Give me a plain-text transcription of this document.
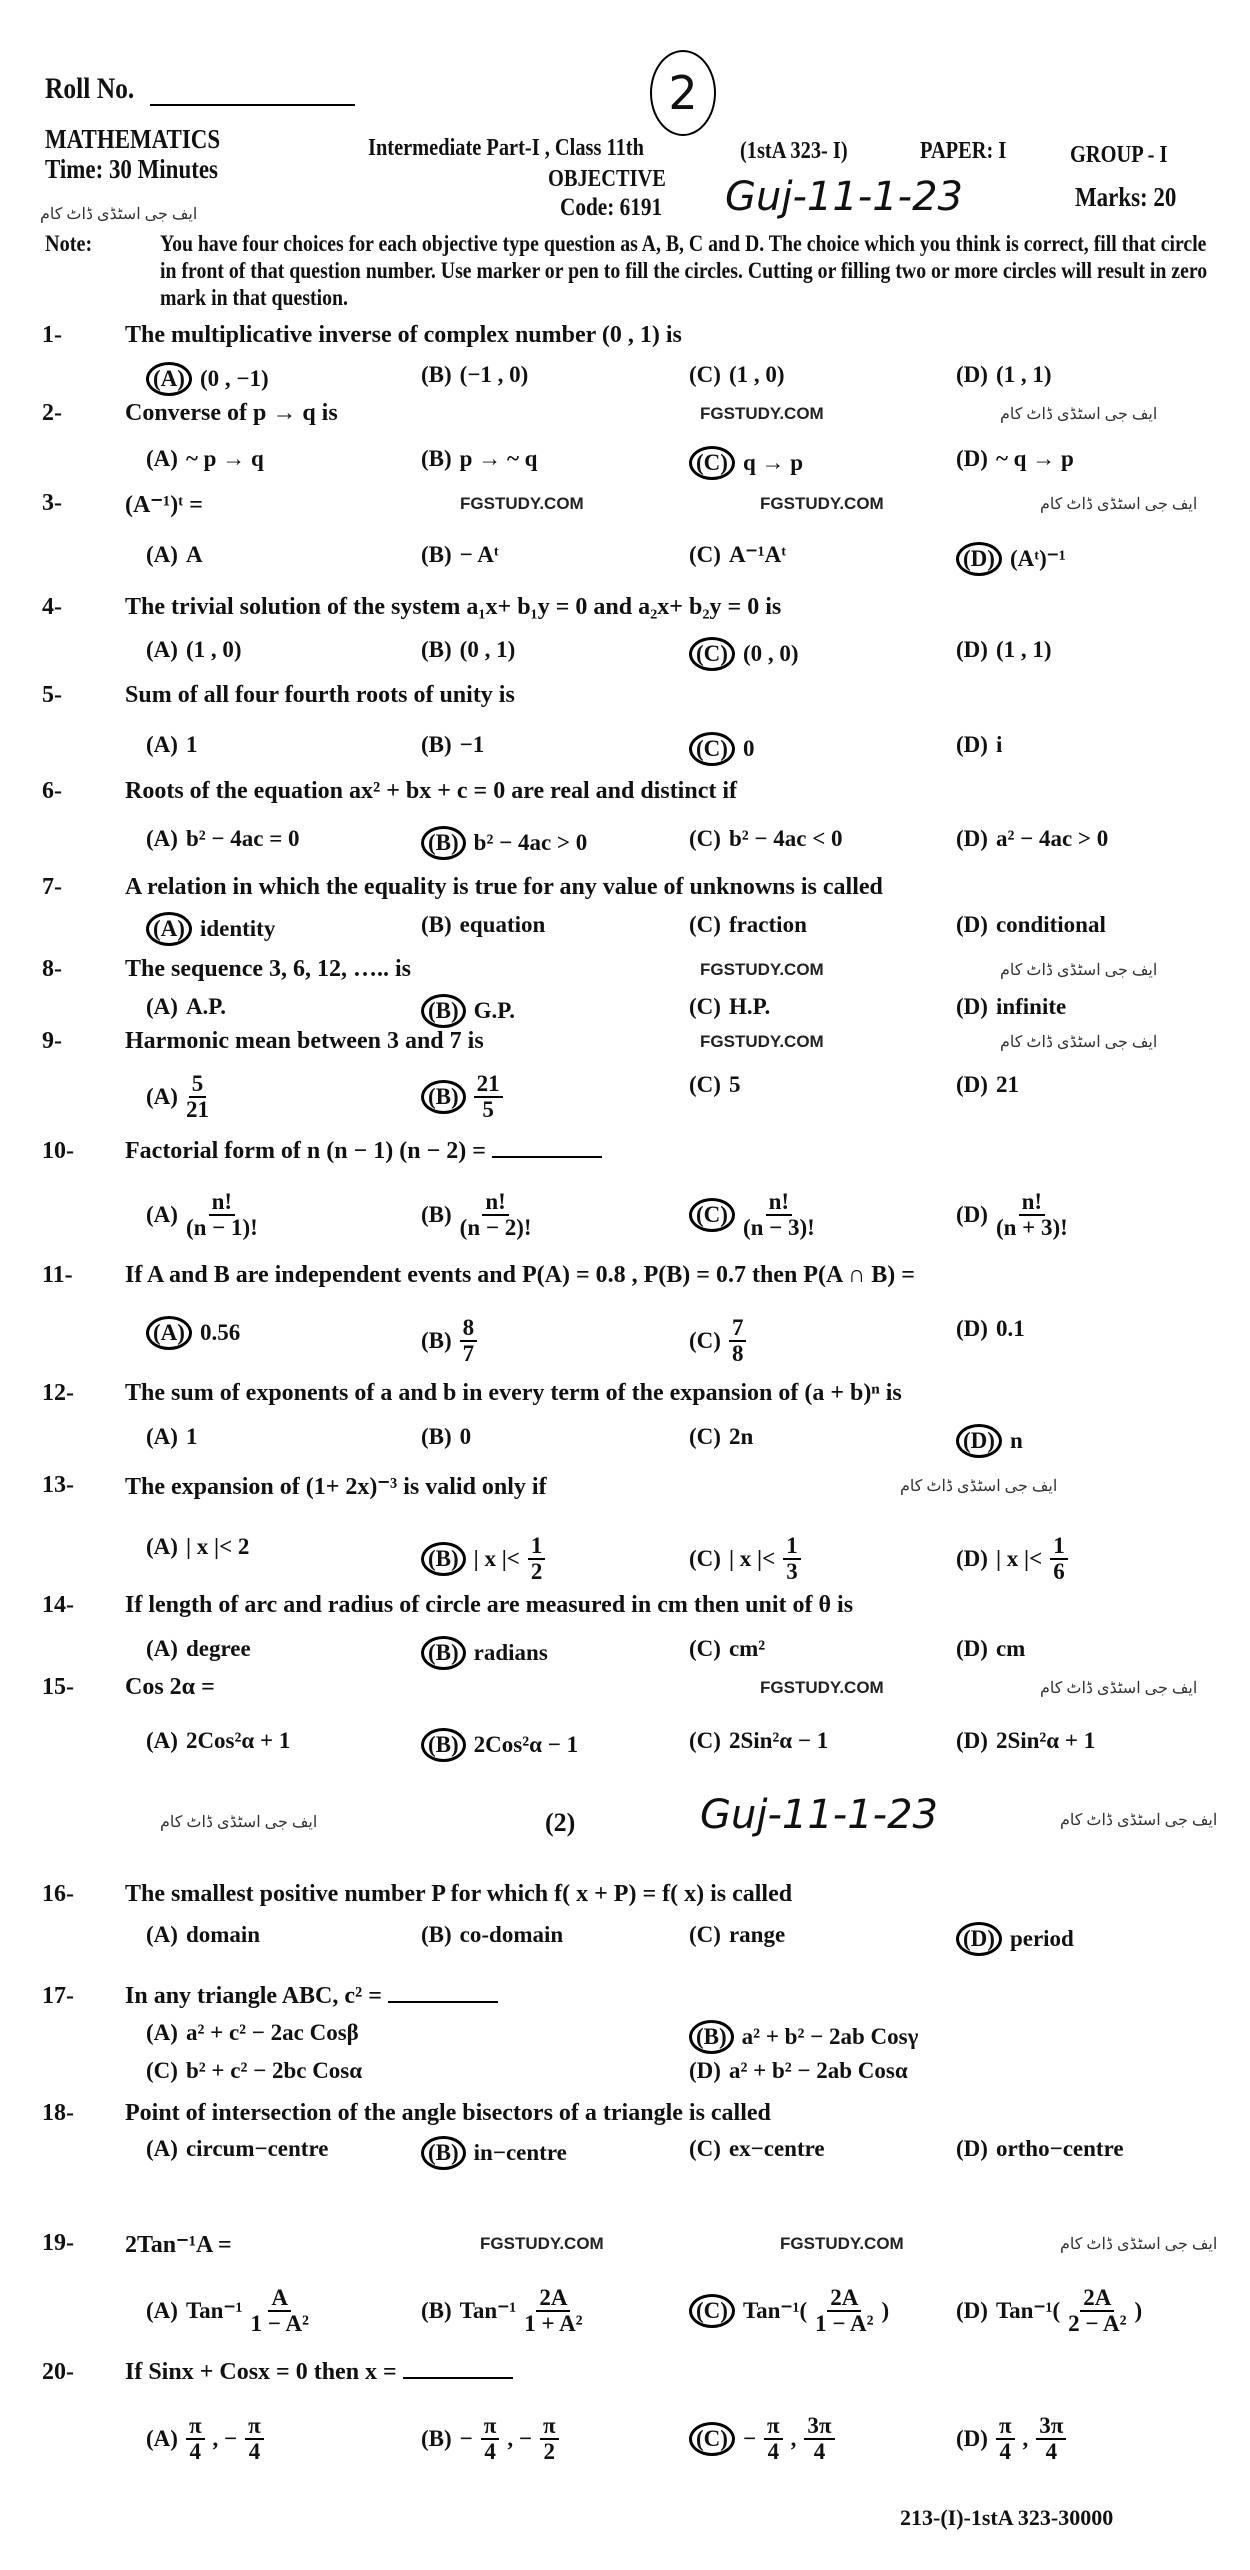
Roll No.	2
MATHEMATICS
Time: 30 Minutes
Intermediate Part-I , Class 11th	(1stA 323- I)	PAPER: I	GROUP - I
OBJECTIVE
Code: 6191 Guj-11-1-23	Marks: 20
Note:	You have four choices for each objective type question as A, B, C and D. The choice which you think is correct, fill that circle in front of that question number. Use marker or pen to fill the circles. Cutting or filling two or more circles will result in zero mark in that question.
1-	The multiplicative inverse of complex number (0 , 1) is
(A) (0 , −1)	(B) (−1 , 0)	(C) (1 , 0)	(D) (1 , 1)
2-	Converse of p → q is
(A) ~ p → q	(B) p → ~ q	(C) q → p	(D) ~ q → p
3-	(A⁻¹)ᵗ =
(A) A	(B) − Aᵗ	(C) A⁻¹Aᵗ	(D) (Aᵗ)⁻¹
4-	The trivial solution of the system a₁x+ b₁y = 0 and a₂x+ b₂y = 0 is
(A) (1 , 0)	(B) (0 , 1)	(C) (0 , 0)	(D) (1 , 1)
5-	Sum of all four fourth roots of unity is
(A) 1	(B) −1	(C) 0	(D) i
6-	Roots of the equation ax² + bx + c = 0 are real and distinct if
(A) b² − 4ac = 0	(B) b² − 4ac > 0	(C) b² − 4ac < 0	(D) a² − 4ac > 0
7-	A relation in which the equality is true for any value of unknowns is called
(A) identity	(B) equation	(C) fraction	(D) conditional
8-	The sequence 3, 6, 12, ….. is
(A) A.P.	(B) G.P.	(C) H.P.	(D) infinite
9-	Harmonic mean between 3 and 7 is
$(A) \frac{5}{21}$	$(B) \frac{21}{5}$	(C) 5	(D) 21
10- Factorial form of n (n − 1) (n − 2) =
$(A) \frac{n!}{(n - 1)!}$	$(B) \frac{n!}{(n - 2)!}$	$(C) \frac{n!}{(n - 3)!}$	$(D) \frac{n!}{(n + 3)!}$
11- If A and B are independent events and P(A) = 0.8 , P(B) = 0.7 then P(A ∩ B) =
(A) 0.56	$(B) \frac{8}{7}$	$(C) \frac{7}{8}$	(D) 0.1
12- The sum of exponents of a and b in every term of the expansion of (a + b)ⁿ is
(A) 1	(B) 0	(C) 2n	(D) n
13- The expansion of (1+ 2x)⁻³ is valid only if
(A) | x |< 2	(B) | x |< $\frac{1}{2}$	(C) | x |< $\frac{1}{3}$	(D) | x |< $\frac{1}{6}$
14- If length of arc and radius of circle are measured in cm then unit of θ is
(A) degree	(B) radians	(C) cm²	(D) cm
15- Cos 2α =
(A) 2Cos²α + 1	(B) 2Cos²α − 1	(C) 2Sin²α − 1	(D) 2Sin²α + 1
16- The smallest positive number P for which f( x + P) = f( x) is called
(A) domain	(B) co-domain	(C) range	(D) period
17- In any triangle ABC, c² =
(A) a² + c² − 2ac Cosβ	(B) a² + b² − 2ab Cosγ
(C) b² + c² − 2bc Cosα	(D) a² + b² − 2ab Cosα
18- Point of intersection of the angle bisectors of a triangle is called
(A) circum−centre	(B) in−centre	(C) ex−centre	(D) ortho−centre
19- 2Tan⁻¹A =
(A) $Tan^{-1} \frac{A}{\text{1 − A²}}$	(B) $Tan^{-1} \frac{2A}{\text{1 + A²}}$	(C) $Tan^{-1}( \frac{2A}{\text{1 − A²}}$ )	(D) $Tan^{-1}( \frac{2A}{\text{2 − A²}}$ )
20- If Sinx + Cosx = 0 then x =
$(A) \frac{\pi}{4}$ , − $\frac{\pi}{4}$	$(B) - \frac{\pi}{4}$ , − $\frac{\pi}{2}$	$(C) - \frac{\pi}{4}$ , $\frac{3\pi}{4}$	$(D) \frac{\pi}{4}$ , $\frac{3\pi}{4}$
(2)	Guj-11-1-23
213-(I)-1stA 323-30000
FGSTUDY.COM
FGSTUDY.COM	FGSTUDY.COM
FGSTUDY.COM
FGSTUDY.COM
FGSTUDY.COM
FGSTUDY.COM	FGSTUDY.COM
ایف جی اسٹڈی ڈاٹ کام
ایف جی اسٹڈی ڈاٹ کام
ایف جی اسٹڈی ڈاٹ کام
ایف جی اسٹڈی ڈاٹ کام
ایف جی اسٹڈی ڈاٹ کام
ایف جی اسٹڈی ڈاٹ کام
ایف جی اسٹڈی ڈاٹ کام
ایف جی اسٹڈی ڈاٹ کام
ایف جی اسٹڈی ڈاٹ کام
ایف جی اسٹڈی ڈاٹ کام
